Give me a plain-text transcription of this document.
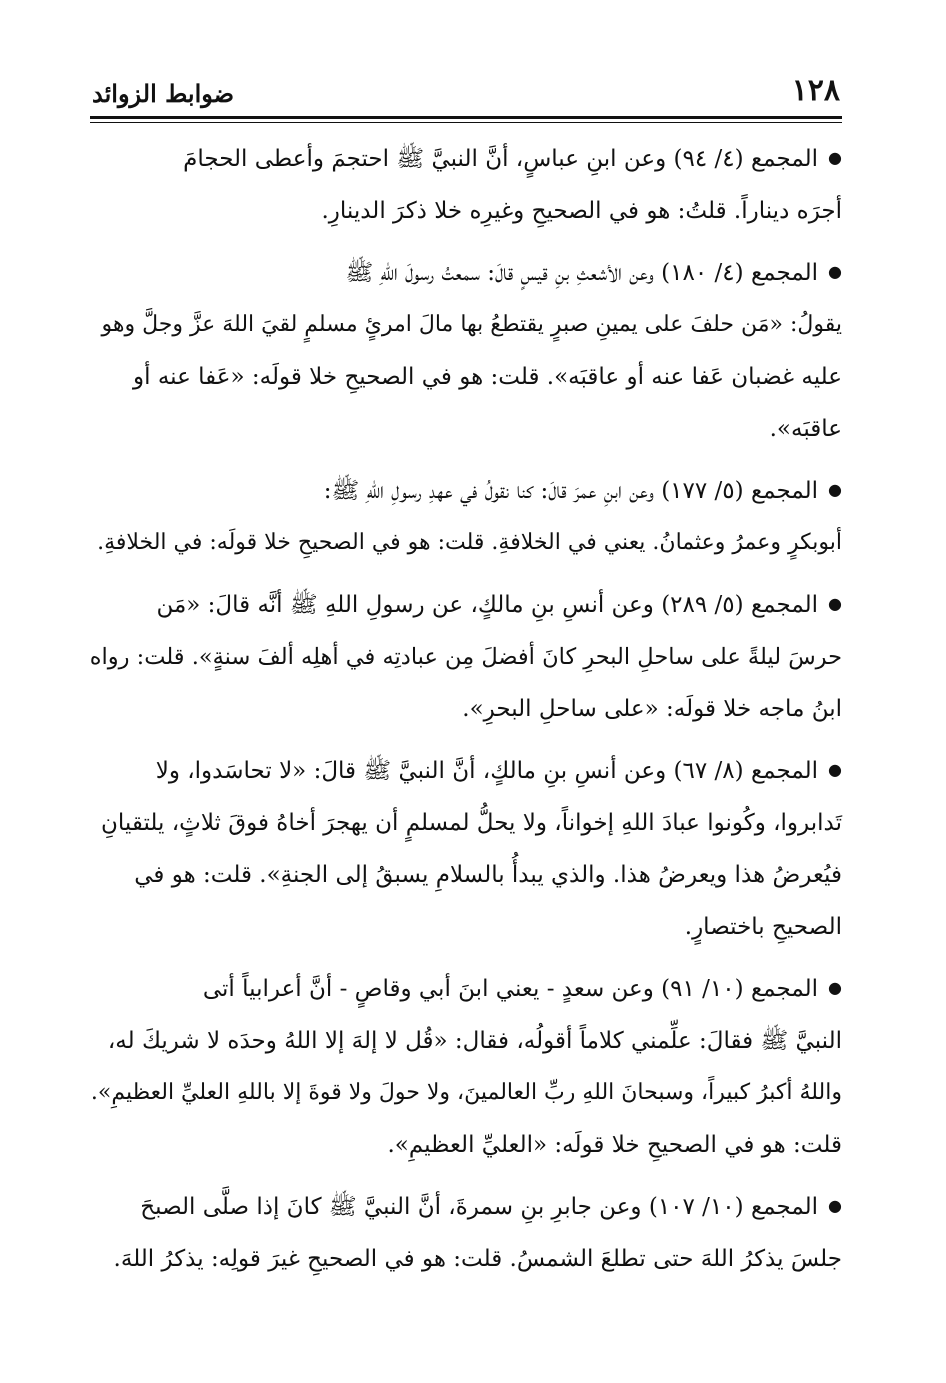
١٢٨
ضوابط الزوائد
● المجمع (٤/ ٩٤) وعن ابنِ عباسٍ، أنَّ النبيَّ ﷺ احتجمَ وأعطى الحجامَ
أجرَه ديناراً. قلتُ: هو في الصحيحِ وغيرِه خلا ذكرَ الدينارِ.
● المجمع (٤/ ١٨٠) وعن الأشعثِ بنِ قيسٍ قالَ: سمعتُ رسولَ اللهِ ﷺ
يقولُ: «مَن حلفَ على يمينِ صبرٍ يقتطعُ بها مالَ امرئٍ مسلمٍ لقيَ اللهَ عزَّ وجلَّ وهو
عليه غضبان عَفا عنه أو عاقبَه». قلت: هو في الصحيحِ خلا قولَه: «عَفا عنه أو
عاقبَه».
● المجمع (٥/ ١٧٧) وعن ابنِ عمرَ قالَ: كنا نقولُ في عهدِ رسولِ اللهِ ﷺ:
أبوبكرٍ وعمرُ وعثمانُ. يعني في الخلافةِ. قلت: هو في الصحيحِ خلا قولَه: في الخلافةِ.
● المجمع (٥/ ٢٨٩) وعن أنسِ بنِ مالكٍ، عن رسولِ اللهِ ﷺ أنَّه قالَ: «مَن
حرسَ ليلةً على ساحلِ البحرِ كانَ أفضلَ مِن عبادتِه في أهلِه ألفَ سنةٍ». قلت: رواه
ابنُ ماجه خلا قولَه: «على ساحلِ البحرِ».
● المجمع (٨/ ٦٧) وعن أنسِ بنِ مالكٍ، أنَّ النبيَّ ﷺ قالَ: «لا تحاسَدوا، ولا
تَدابروا، وكُونوا عبادَ اللهِ إخواناً، ولا يحلُّ لمسلمٍ أن يهجرَ أخاهُ فوقَ ثلاثٍ، يلتقيانِ
فيُعرضُ هذا ويعرضُ هذا. والذي يبدأُ بالسلامِ يسبقُ إلى الجنةِ». قلت: هو في
الصحيحِ باختصارٍ.
● المجمع (١٠/ ٩١) وعن سعدٍ - يعني ابنَ أبي وقاصٍ - أنَّ أعرابياً أتى
النبيَّ ﷺ فقالَ: علِّمني كلاماً أقولُه، فقال: «قُل لا إلهَ إلا اللهُ وحدَه لا شريكَ له،
واللهُ أكبرُ كبيراً، وسبحانَ اللهِ ربِّ العالمينَ، ولا حولَ ولا قوةَ إلا باللهِ العليِّ العظيمِ».
قلت: هو في الصحيحِ خلا قولَه: «العليِّ العظيمِ».
● المجمع (١٠/ ١٠٧) وعن جابرِ بنِ سمرةَ، أنَّ النبيَّ ﷺ كانَ إذا صلَّى الصبحَ
جلسَ يذكرُ اللهَ حتى تطلعَ الشمسُ. قلت: هو في الصحيحِ غيرَ قولِه: يذكرُ اللهَ.
